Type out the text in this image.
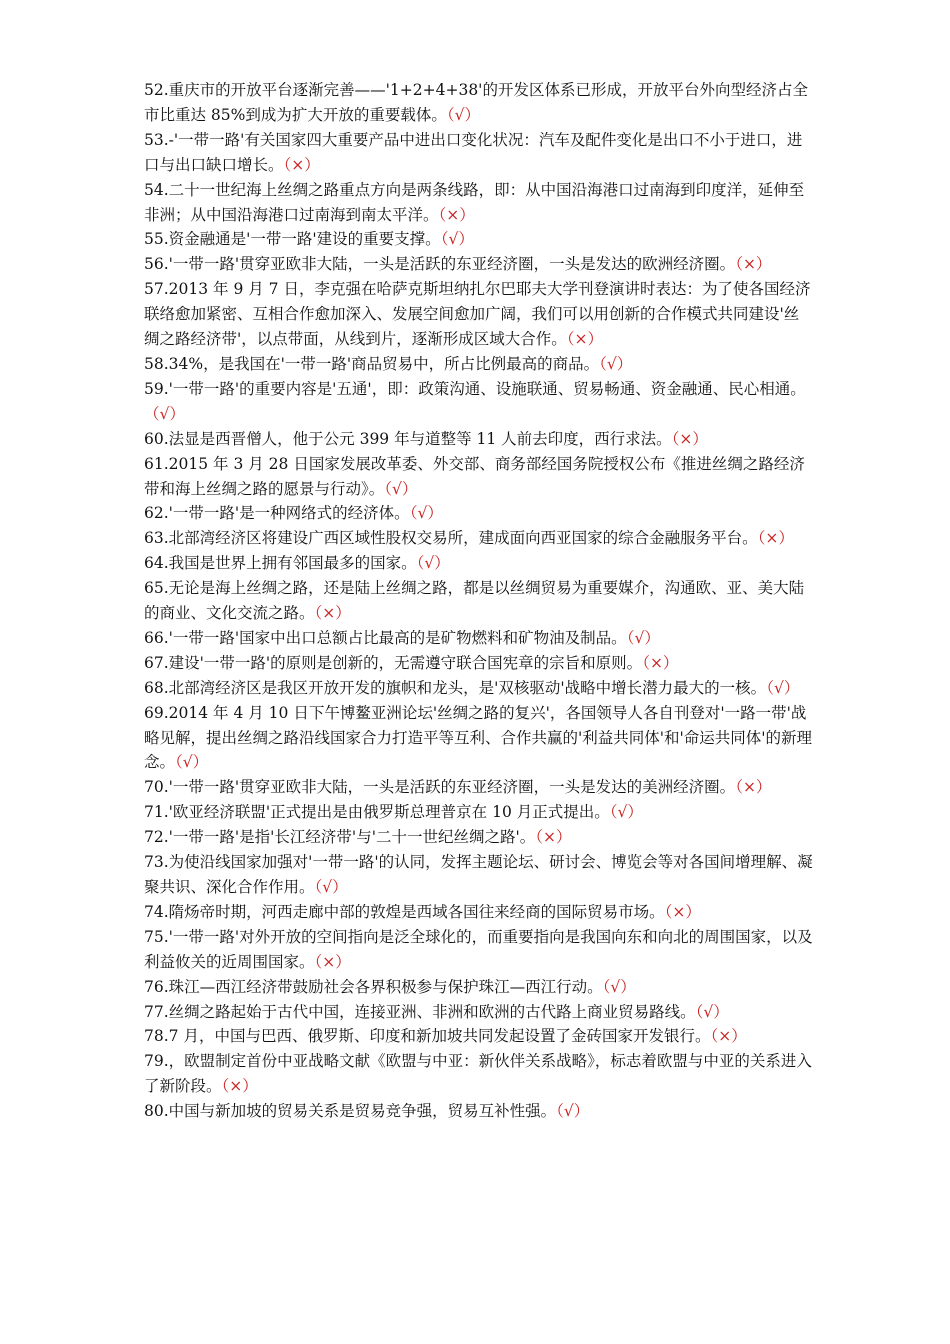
52.重庆市的开放平台逐渐完善——'1+2+4+38'的开发区体系已形成，开放平台外向型经济占全市比重达 85%到成为扩大开放的重要载体。（√）

53.-'一带一路'有关国家四大重要产品中进出口变化状况：汽车及配件变化是出口不小于进口，进口与出口缺口增长。（×）

54.二十一世纪海上丝绸之路重点方向是两条线路，即：从中国沿海港口过南海到印度洋，延伸至非洲；从中国沿海港口过南海到南太平洋。（×）

55.资金融通是'一带一路'建设的重要支撑。（√）

56.'一带一路'贯穿亚欧非大陆，一头是活跃的东亚经济圈，一头是发达的欧洲经济圈。（×）

57.2013 年 9 月 7 日，李克强在哈萨克斯坦纳扎尔巴耶夫大学刊登演讲时表达：为了使各国经济联络愈加紧密、互相合作愈加深入、发展空间愈加广阔，我们可以用创新的合作模式共同建设'丝绸之路经济带'，以点带面，从线到片，逐渐形成区域大合作。（×）

58.34%，是我国在'一带一路'商品贸易中，所占比例最高的商品。（√）

59.'一带一路'的重要内容是'五通'，即：政策沟通、设施联通、贸易畅通、资金融通、民心相通。（√）

60.法显是西晋僧人，他于公元 399 年与道整等 11 人前去印度，西行求法。（×）

61.2015 年 3 月 28 日国家发展改革委、外交部、商务部经国务院授权公布《推进丝绸之路经济带和海上丝绸之路的愿景与行动》。（√）

62.'一带一路'是一种网络式的经济体。（√）

63.北部湾经济区将建设广西区域性股权交易所，建成面向西亚国家的综合金融服务平台。（×）

64.我国是世界上拥有邻国最多的国家。（√）

65.无论是海上丝绸之路，还是陆上丝绸之路，都是以丝绸贸易为重要媒介，沟通欧、亚、美大陆的商业、文化交流之路。（×）

66.'一带一路'国家中出口总额占比最高的是矿物燃料和矿物油及制品。（√）

67.建设'一带一路'的原则是创新的，无需遵守联合国宪章的宗旨和原则。（×）

68.北部湾经济区是我区开放开发的旗帜和龙头，是'双核驱动'战略中增长潜力最大的一核。（√）

69.2014 年 4 月 10 日下午博鳌亚洲论坛'丝绸之路的复兴'，各国领导人各自刊登对'一路一带'战略见解，提出丝绸之路沿线国家合力打造平等互利、合作共赢的'利益共同体'和'命运共同体'的新理念。（√）

70.'一带一路'贯穿亚欧非大陆，一头是活跃的东亚经济圈，一头是发达的美洲经济圈。（×）

71.'欧亚经济联盟'正式提出是由俄罗斯总理普京在 10 月正式提出。（√）

72.'一带一路'是指'长江经济带'与'二十一世纪丝绸之路'。（×）

73.为使沿线国家加强对'一带一路'的认同，发挥主题论坛、研讨会、博览会等对各国间增理解、凝聚共识、深化合作作用。（√）

74.隋炀帝时期，河西走廊中部的敦煌是西域各国往来经商的国际贸易市场。（×）

75.'一带一路'对外开放的空间指向是泛全球化的，而重要指向是我国向东和向北的周围国家，以及利益攸关的近周围国家。（×）

76.珠江—西江经济带鼓励社会各界积极参与保护珠江—西江行动。（√）

77.丝绸之路起始于古代中国，连接亚洲、非洲和欧洲的古代路上商业贸易路线。（√）

78.7 月，中国与巴西、俄罗斯、印度和新加坡共同发起设置了金砖国家开发银行。（×）

79.，欧盟制定首份中亚战略文献《欧盟与中亚：新伙伴关系战略》，标志着欧盟与中亚的关系进入了新阶段。（×）

80.中国与新加坡的贸易关系是贸易竞争强，贸易互补性强。（√）
